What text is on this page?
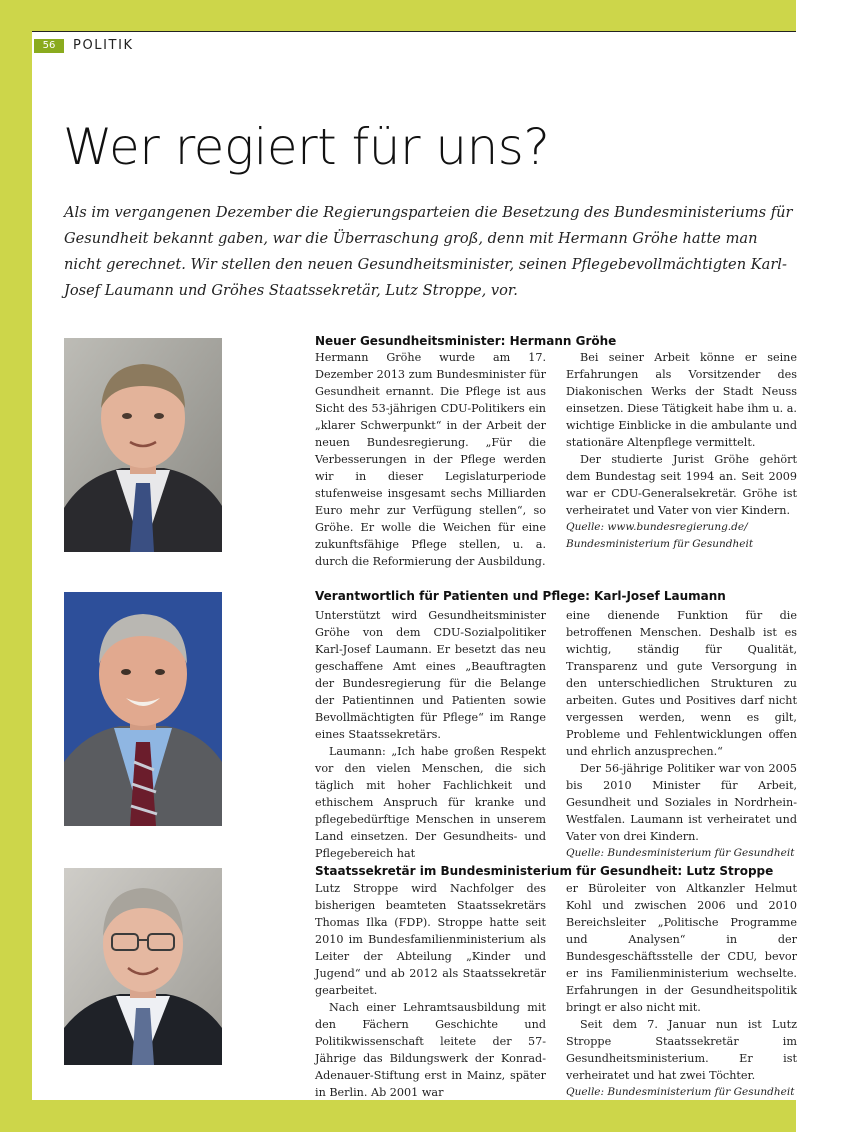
56	POLITIK
Wer regiert für uns?

Als im vergangenen Dezember die Regierungsparteien die Besetzung des Bundesministeriums für Gesundheit bekannt gaben, war die Überraschung groß, denn mit Hermann Gröhe hatte man nicht gerechnet. Wir stellen den neuen Gesundheitsminister, seinen Pflegebevollmächtigten Karl-Josef Laumann und Gröhes Staatssekretär, Lutz Stroppe, vor.

Neuer Gesundheitsminister: Hermann Gröhe

Hermann Gröhe wurde am 17. Dezember 2013 zum Bundesminister für Gesundheit ernannt. Die Pflege ist aus Sicht des 53-jährigen CDU-Politikers ein „klarer Schwerpunkt“ in der Arbeit der neuen Bundesregierung. „Für die Verbesserungen in der Pflege werden wir in dieser Legislaturperiode stufenweise insgesamt sechs Milliarden Euro mehr zur Verfügung stellen“, so Gröhe. Er wolle die Weichen für eine zukunftsfähige Pflege stellen, u. a. durch die Reformierung der Ausbildung.

Bei seiner Arbeit könne er seine Erfahrungen als Vorsitzender des Diakonischen Werks der Stadt Neuss einsetzen. Diese Tätigkeit habe ihm u. a. wichtige Einblicke in die ambulante und stationäre Altenpflege vermittelt.

Der studierte Jurist Gröhe gehört dem Bundestag seit 1994 an. Seit 2009 war er CDU-Generalsekretär. Gröhe ist verheiratet und Vater von vier Kindern.

Quelle: www.bundesregierung.de/ Bundesministerium für Gesundheit

Verantwortlich für Patienten und Pflege: Karl-Josef Laumann

Unterstützt wird Gesundheitsminister Gröhe von dem CDU-Sozialpolitiker Karl-Josef Laumann. Er besetzt das neu geschaffene Amt eines „Beauftragten der Bundesregierung für die Belange der Patientinnen und Patienten sowie Bevollmächtigten für Pflege“ im Range eines Staatssekretärs.

Laumann: „Ich habe großen Respekt vor den vielen Menschen, die sich täglich mit hoher Fachlichkeit und ethischem Anspruch für kranke und pflegebedürftige Menschen in unserem Land einsetzen. Der Gesundheits- und Pflegebereich hat

eine dienende Funktion für die betroffenen Menschen. Deshalb ist es wichtig, ständig für Qualität, Transparenz und gute Versorgung in den unterschiedlichen Strukturen zu arbeiten. Gutes und Positives darf nicht vergessen werden, wenn es gilt, Probleme und Fehlentwicklungen offen und ehrlich anzusprechen.“

Der 56-jährige Politiker war von 2005 bis 2010 Minister für Arbeit, Gesundheit und Soziales in Nordrhein-Westfalen. Laumann ist verheiratet und Vater von drei Kindern.

Quelle: Bundesministerium für Gesundheit

Staatssekretär im Bundesministerium für Gesundheit: Lutz Stroppe

Lutz Stroppe wird Nachfolger des bisherigen beamteten Staatssekretärs Thomas Ilka (FDP). Stroppe hatte seit 2010 im Bundesfamilienministerium als Leiter der Abteilung „Kinder und Jugend“ und ab 2012 als Staatssekretär gearbeitet.

Nach einer Lehramtsausbildung mit den Fächern Geschichte und Politikwissenschaft leitete der 57-Jährige das Bildungswerk der Konrad-Adenauer-Stiftung erst in Mainz, später in Berlin. Ab 2001 war

er Büroleiter von Altkanzler Helmut Kohl und zwischen 2006 und 2010 Bereichsleiter „Politische Programme und Analysen“ in der Bundesgeschäftsstelle der CDU, bevor er ins Familienministerium wechselte. Erfahrungen in der Gesundheitspolitik bringt er also nicht mit.

Seit dem 7. Januar nun ist Lutz Stroppe Staatssekretär im Gesundheitsministerium. Er ist verheiratet und hat zwei Töchter.

Quelle: Bundesministerium für Gesundheit
